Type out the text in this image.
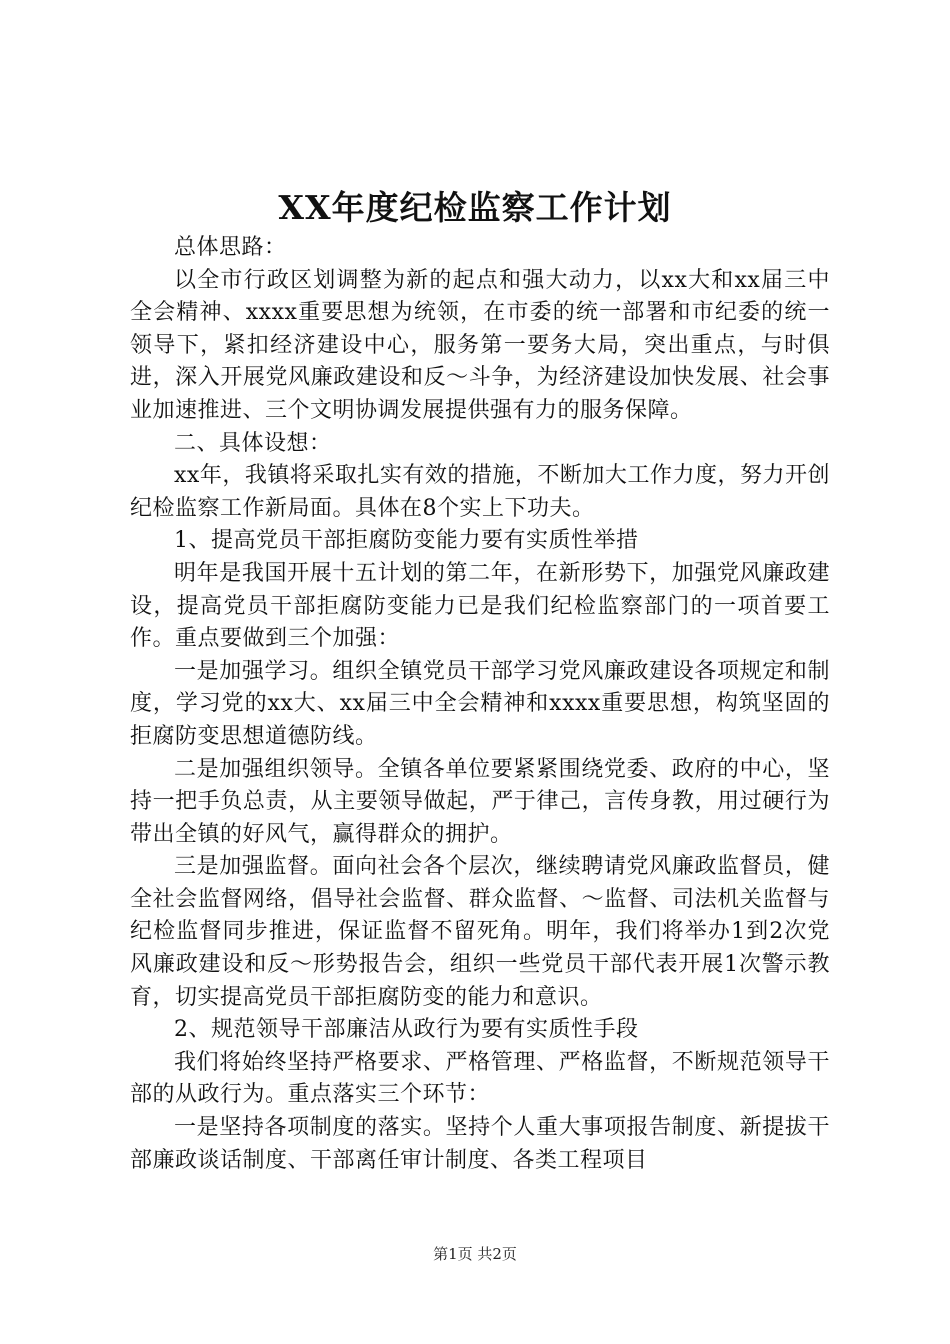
XX年度纪检监察工作计划

总体思路：

以全市行政区划调整为新的起点和强大动力，以xx大和xx届三中全会精神、xxxx重要思想为统领，在市委的统一部署和市纪委的统一领导下，紧扣经济建设中心，服务第一要务大局，突出重点，与时俱进，深入开展党风廉政建设和反～斗争，为经济建设加快发展、社会事业加速推进、三个文明协调发展提供强有力的服务保障。

二、具体设想：

xx年，我镇将采取扎实有效的措施，不断加大工作力度，努力开创纪检监察工作新局面。具体在8个实上下功夫。

1、提高党员干部拒腐防变能力要有实质性举措

明年是我国开展十五计划的第二年，在新形势下，加强党风廉政建设，提高党员干部拒腐防变能力已是我们纪检监察部门的一项首要工作。重点要做到三个加强：

一是加强学习。组织全镇党员干部学习党风廉政建设各项规定和制度，学习党的xx大、xx届三中全会精神和xxxx重要思想，构筑坚固的拒腐防变思想道德防线。

二是加强组织领导。全镇各单位要紧紧围绕党委、政府的中心，坚持一把手负总责，从主要领导做起，严于律己，言传身教，用过硬行为带出全镇的好风气，赢得群众的拥护。

三是加强监督。面向社会各个层次，继续聘请党风廉政监督员，健全社会监督网络，倡导社会监督、群众监督、～监督、司法机关监督与纪检监督同步推进，保证监督不留死角。明年，我们将举办1到2次党风廉政建设和反～形势报告会，组织一些党员干部代表开展1次警示教育，切实提高党员干部拒腐防变的能力和意识。

2、规范领导干部廉洁从政行为要有实质性手段

我们将始终坚持严格要求、严格管理、严格监督，不断规范领导干部的从政行为。重点落实三个环节：

一是坚持各项制度的落实。坚持个人重大事项报告制度、新提拔干部廉政谈话制度、干部离任审计制度、各类工程项目

第1页 共2页
